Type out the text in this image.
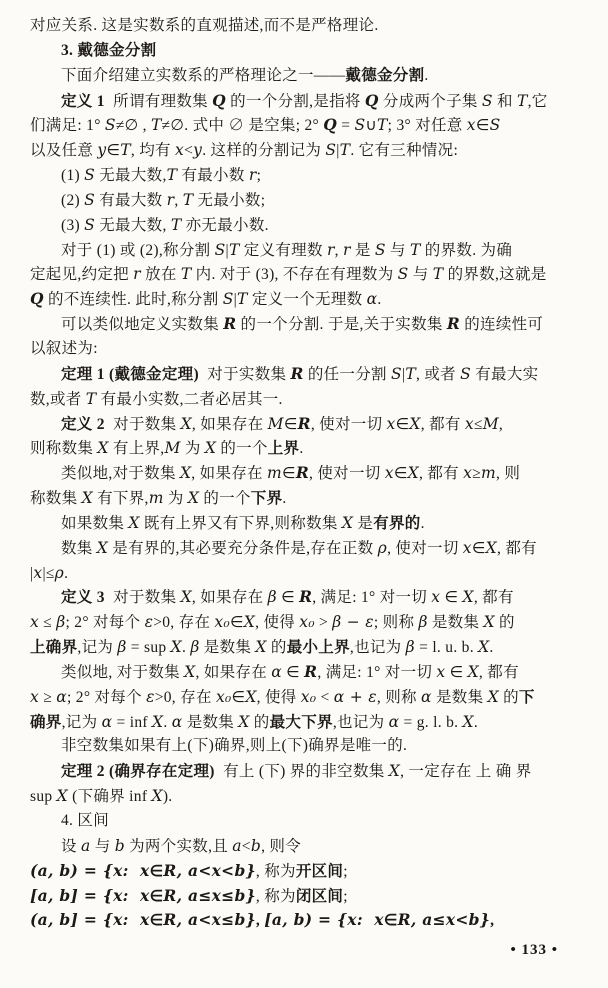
对应关系. 这是实数系的直观描述,而不是严格理论.
3. 戴德金分割
下面介绍建立实数系的严格理论之一——戴德金分割.
定义 1  所谓有理数集 Q 的一个分割,是指将 Q 分成两个子集 S 和 T,它
们满足: 1° S≠∅ , T≠∅. 式中 ∅ 是空集; 2° Q = S∪T; 3° 对任意 x∈S
以及任意 y∈T, 均有 x<y. 这样的分割记为 S|T. 它有三种情况:
(1) S 无最大数,T 有最小数 r;
(2) S 有最大数 r, T 无最小数;
(3) S 无最大数, T 亦无最小数.
对于 (1) 或 (2),称分割 S|T 定义有理数 r, r 是 S 与 T 的界数. 为确
定起见,约定把 r 放在 T 内. 对于 (3), 不存在有理数为 S 与 T 的界数,这就是
Q 的不连续性. 此时,称分割 S|T 定义一个无理数 α.
可以类似地定义实数集 R 的一个分割. 于是,关于实数集 R 的连续性可
以叙述为:
定理 1 (戴德金定理)  对于实数集 R 的任一分割 S|T, 或者 S 有最大实
数,或者 T 有最小实数,二者必居其一.
定义 2  对于数集 X, 如果存在 M∈R, 使对一切 x∈X, 都有 x≤M,
则称数集 X 有上界,M 为 X 的一个上界.
类似地,对于数集 X, 如果存在 m∈R, 使对一切 x∈X, 都有 x≥m, 则
称数集 X 有下界,m 为 X 的一个下界.
如果数集 X 既有上界又有下界,则称数集 X 是有界的.
数集 X 是有界的,其必要充分条件是,存在正数 ρ, 使对一切 x∈X, 都有
|x|≤ρ.
定义 3  对于数集 X, 如果存在 β ∈ R, 满足: 1° 对一切 x ∈ X, 都有
x ≤ β; 2° 对每个 ε>0, 存在 x₀∈X, 使得 x₀ > β − ε; 则称 β 是数集 X 的
上确界,记为 β = sup X. β 是数集 X 的最小上界,也记为 β = l. u. b. X.
类似地, 对于数集 X, 如果存在 α ∈ R, 满足: 1° 对一切 x ∈ X, 都有
x ≥ α; 2° 对每个 ε>0, 存在 x₀∈X, 使得 x₀ < α + ε, 则称 α 是数集 X 的下
确界,记为 α = inf X. α 是数集 X 的最大下界,也记为 α = g. l. b. X.
非空数集如果有上(下)确界,则上(下)确界是唯一的.
定理 2 (确界存在定理)  有上 (下) 界的非空数集 X, 一定存在 上 确 界
sup X (下确界 inf X).
4. 区间
设 a 与 b 为两个实数,且 a<b, 则令
(a, b) = {x:  x∈R, a<x<b}, 称为开区间;
[a, b] = {x:  x∈R, a≤x≤b}, 称为闭区间;
(a, b] = {x:  x∈R, a<x≤b}, [a, b) = {x:  x∈R, a≤x<b},
• 133 •
